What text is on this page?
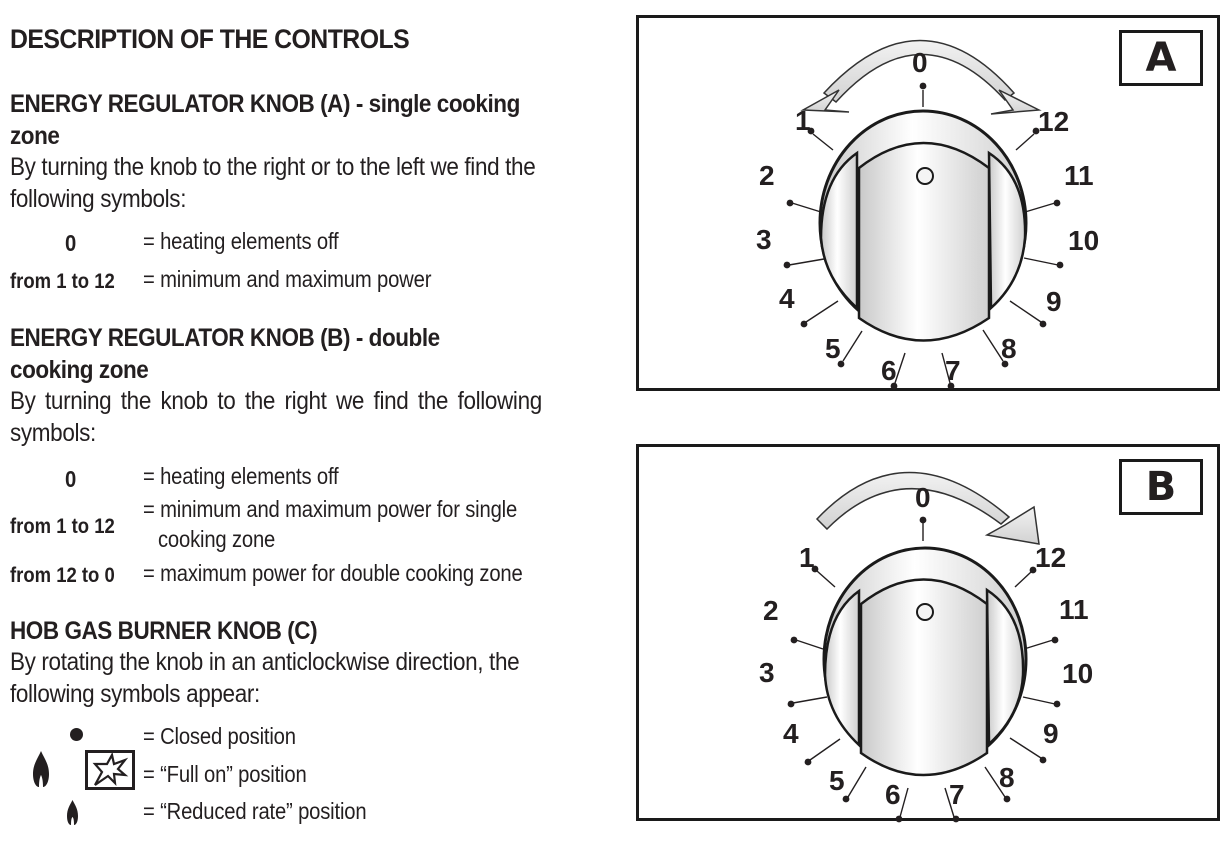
DESCRIPTION OF THE CONTROLS
ENERGY REGULATOR KNOB (A) - single cooking
zone
By turning the knob to the right or to the left we find the
following symbols:
0	= heating elements off
from 1 to 12 = minimum and maximum power
ENERGY REGULATOR KNOB (B) - double
cooking zone
By turning the knob to the right we find the following
symbols:
0	= heating elements off
from 1 to 12
= minimum and maximum power for single
cooking zone
from 12 to 0 = maximum power for double cooking zone
HOB GAS BURNER KNOB (C)
By rotating the knob in an anticlockwise direction, the
following symbols appear:
= Closed position
= “Full on” position
= “Reduced rate” position
0
1
2
3
4
5
6 7
8
9
10
11
12
A
0
1
2
3
4
5 6 7
8
9
10
11
12
B
